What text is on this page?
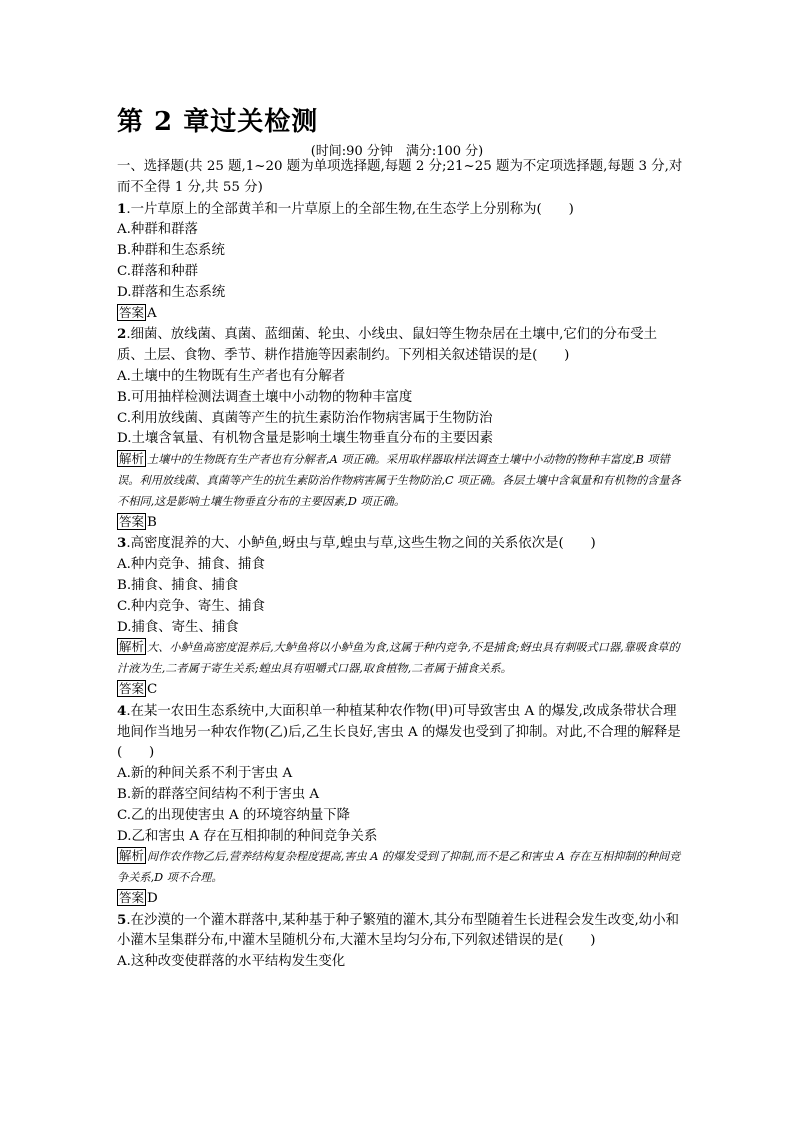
第 2 章过关检测
(时间:90 分钟　满分:100 分)

一、选择题(共 25 题,1~20 题为单项选择题,每题 2 分;21~25 题为不定项选择题,每题 3 分,对而不全得 1 分,共 55 分)

1.一片草原上的全部黄羊和一片草原上的全部生物,在生态学上分别称为(　　)

A.种群和群落

B.种群和生态系统

C.群落和种群

D.群落和生态系统

答案 A

2.细菌、放线菌、真菌、蓝细菌、轮虫、小线虫、鼠妇等生物杂居在土壤中,它们的分布受土质、土层、食物、季节、耕作措施等因素制约。下列相关叙述错误的是(　　)

A.土壤中的生物既有生产者也有分解者

B.可用抽样检测法调查土壤中小动物的物种丰富度

C.利用放线菌、真菌等产生的抗生素防治作物病害属于生物防治

D.土壤含氧量、有机物含量是影响土壤生物垂直分布的主要因素

解析 土壤中的生物既有生产者也有分解者,A 项正确。采用取样器取样法调查土壤中小动物的物种丰富度,B 项错误。利用放线菌、真菌等产生的抗生素防治作物病害属于生物防治,C 项正确。各层土壤中含氧量和有机物的含量各不相同,这是影响土壤生物垂直分布的主要因素,D 项正确。

答案 B

3.高密度混养的大、小鲈鱼,蚜虫与草,蝗虫与草,这些生物之间的关系依次是(　　)

A.种内竞争、捕食、捕食

B.捕食、捕食、捕食

C.种内竞争、寄生、捕食

D.捕食、寄生、捕食

解析 大、小鲈鱼高密度混养后,大鲈鱼将以小鲈鱼为食,这属于种内竞争,不是捕食;蚜虫具有刺吸式口器,靠吸食草的汁液为生,二者属于寄生关系;蝗虫具有咀嚼式口器,取食植物,二者属于捕食关系。

答案 C

4.在某一农田生态系统中,大面积单一种植某种农作物(甲)可导致害虫 A 的爆发,改成条带状合理地间作当地另一种农作物(乙)后,乙生长良好,害虫 A 的爆发也受到了抑制。对此,不合理的解释是(　　)

A.新的种间关系不利于害虫 A

B.新的群落空间结构不利于害虫 A

C.乙的出现使害虫 A 的环境容纳量下降

D.乙和害虫 A 存在互相抑制的种间竞争关系

解析 间作农作物乙后,营养结构复杂程度提高,害虫 A 的爆发受到了抑制,而不是乙和害虫 A 存在互相抑制的种间竞争关系,D 项不合理。

答案 D

5.在沙漠的一个灌木群落中,某种基于种子繁殖的灌木,其分布型随着生长进程会发生改变,幼小和小灌木呈集群分布,中灌木呈随机分布,大灌木呈均匀分布,下列叙述错误的是(　　)

A.这种改变使群落的水平结构发生变化
